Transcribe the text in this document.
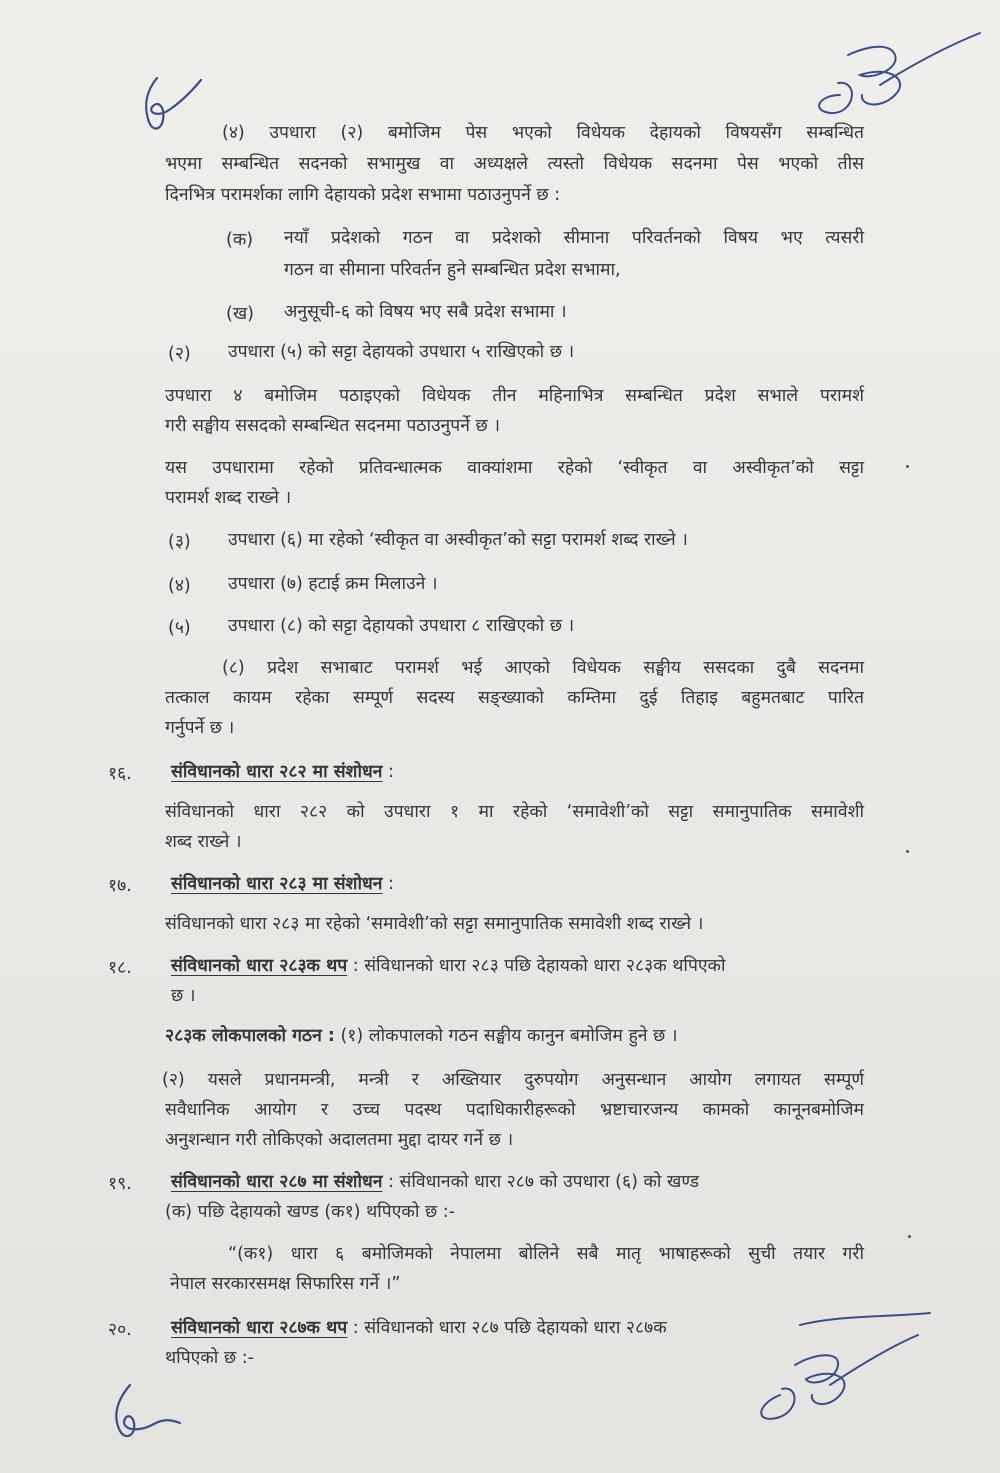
(४) उपधारा (२) बमोजिम पेस भएको विधेयक देहायको विषयसँग सम्बन्धित

भएमा सम्बन्धित सदनको सभामुख वा अध्यक्षले त्यस्तो विधेयक सदनमा पेस भएको तीस

दिनभित्र परामर्शका लागि देहायको प्रदेश सभामा पठाउनुपर्ने छ :

(क) नयाँ प्रदेशको गठन वा प्रदेशको सीमाना परिवर्तनको विषय भए त्यसरी

गठन वा सीमाना परिवर्तन हुने सम्बन्धित प्रदेश सभामा,

(ख) अनुसूची-६ को विषय भए सबै प्रदेश सभामा ।

(२) उपधारा (५) को सट्टा देहायको उपधारा ५ राखिएको छ ।

उपधारा ४ बमोजिम पठाइएको विधेयक तीन महिनाभित्र सम्बन्धित प्रदेश सभाले परामर्श

गरी सङ्घीय ससदको सम्बन्धित सदनमा पठाउनुपर्ने छ ।

यस उपधारामा रहेको प्रतिवन्धात्मक वाक्यांशमा रहेको ‘स्वीकृत वा अस्वीकृत’को सट्टा

परामर्श शब्द राख्ने ।

(३) उपधारा (६) मा रहेको ‘स्वीकृत वा अस्वीकृत’को सट्टा परामर्श शब्द राख्ने ।

(४) उपधारा (७) हटाई क्रम मिलाउने ।

(५) उपधारा (८) को सट्टा देहायको उपधारा ८ राखिएको छ ।

(८) प्रदेश सभाबाट परामर्श भई आएको विधेयक सङ्घीय ससदका दुबै सदनमा

तत्काल कायम रहेका सम्पूर्ण सदस्य सङ्ख्याको कम्तिमा दुई तिहाइ बहुमतबाट पारित

गर्नुपर्ने छ ।

१६. संविधानको धारा २८२ मा संशोधन :

संविधानको धारा २८२ को उपधारा १ मा रहेको ‘समावेशी’को सट्टा समानुपातिक समावेशी

शब्द राख्ने ।

१७. संविधानको धारा २८३ मा संशोधन :

संविधानको धारा २८३ मा रहेको ‘समावेशी’को सट्टा समानुपातिक समावेशी शब्द राख्ने ।

१८. संविधानको धारा २८३क थप : संविधानको धारा २८३ पछि देहायको धारा २८३क थपिएको

छ ।

२८३क लोकपालको गठन : (१) लोकपालको गठन सङ्घीय कानुन बमोजिम हुने छ ।

(२) यसले प्रधानमन्त्री, मन्त्री र अख्तियार दुरुपयोग अनुसन्धान आयोग लगायत सम्पूर्ण

सवैधानिक आयोग र उच्च पदस्थ पदाधिकारीहरूको भ्रष्टाचारजन्य कामको कानूनबमोजिम

अनुशन्धान गरी तोकिएको अदालतमा मुद्दा दायर गर्ने छ ।

१९. संविधानको धारा २८७ मा संशोधन : संविधानको धारा २८७ को उपधारा (६) को खण्ड

(क) पछि देहायको खण्ड (क१) थपिएको छ :-

“(क१) धारा ६ बमोजिमको नेपालमा बोलिने सबै मातृ भाषाहरूको सुची तयार गरी

नेपाल सरकारसमक्ष सिफारिस गर्ने ।”

२०. संविधानको धारा २८७क थप : संविधानको धारा २८७ पछि देहायको धारा २८७क

थपिएको छ :-
